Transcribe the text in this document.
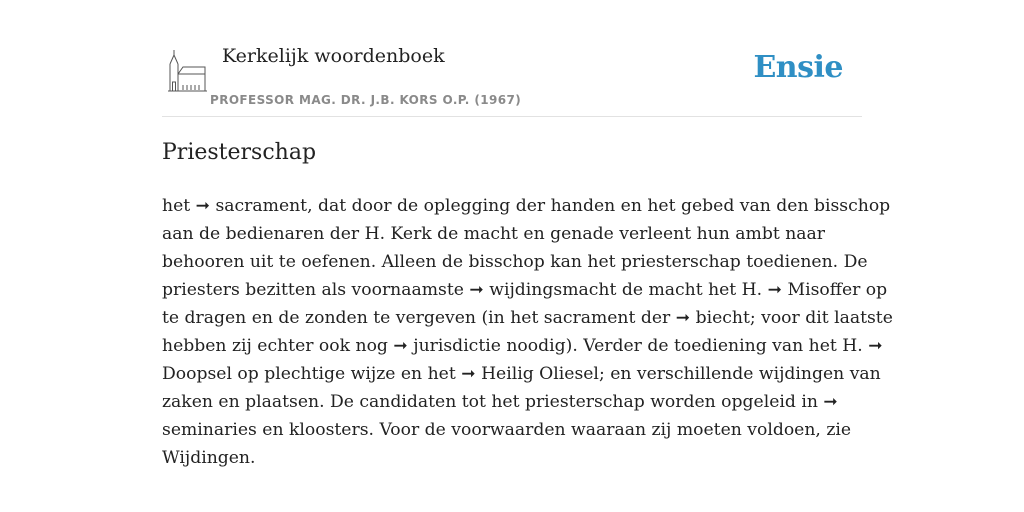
Kerkelijk woordenboek
PROFESSOR MAG. DR. J.B. KORS O.P. (1967)
Ensie
Priesterschap
het ➞ sacrament, dat door de oplegging der handen en het gebed van den bisschop
aan de bedienaren der H. Kerk de macht en genade verleent hun ambt naar
behooren uit te oefenen. Alleen de bisschop kan het priesterschap toedienen. De
priesters bezitten als voornaamste ➞ wijdingsmacht de macht het H. ➞ Misoffer op
te dragen en de zonden te vergeven (in het sacrament der ➞ biecht; voor dit laatste
hebben zij echter ook nog ➞ jurisdictie noodig). Verder de toediening van het H. ➞
Doopsel op plechtige wijze en het ➞ Heilig Oliesel; en verschillende wijdingen van
zaken en plaatsen. De candidaten tot het priesterschap worden opgeleid in ➞
seminaries en kloosters. Voor de voorwaarden waaraan zij moeten voldoen, zie
Wijdingen.
